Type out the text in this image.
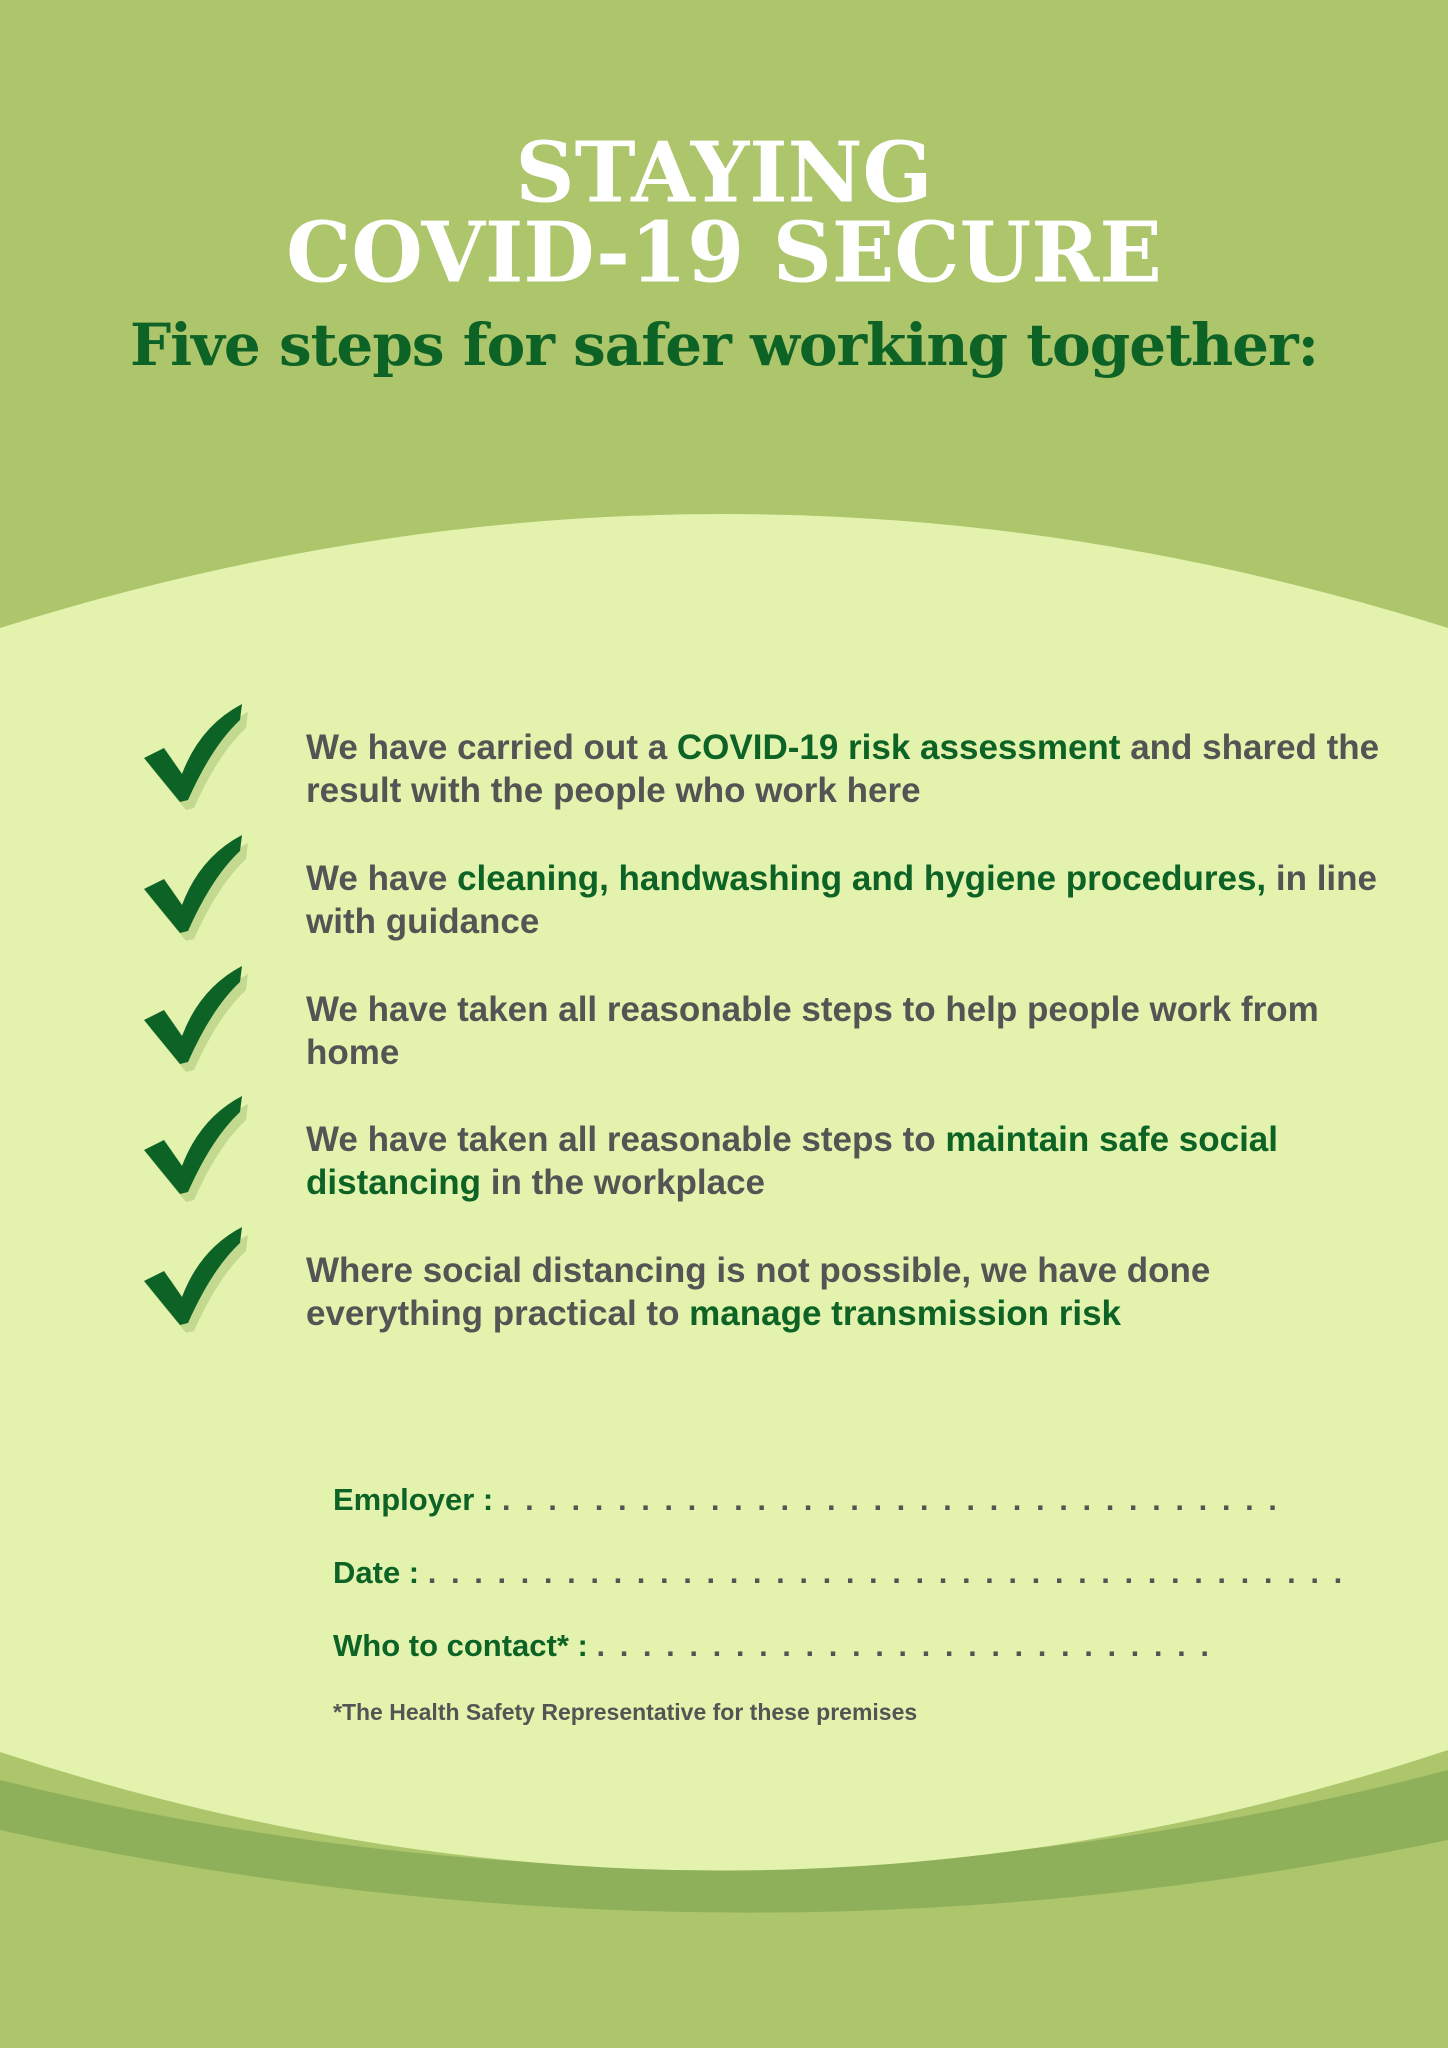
STAYING
COVID-19 SECURE
Five steps for safer working together:
We have carried out a COVID-19 risk assessment and shared the result with the people who work here
We have cleaning, handwashing and hygiene procedures, in line with guidance
We have taken all reasonable steps to help people work from home
We have taken all reasonable steps to maintain safe social distancing in the workplace
Where social distancing is not possible, we have done everything practical to manage transmission risk
Employer : . . . . . . . . . . . . . . . . . . . . . . . . . . . . . . . . . .
Date : . . . . . . . . . . . . . . . . . . . . . . . . . . . . . . . . . . . . . . . .
Who to contact* : . . . . . . . . . . . . . . . . . . . . . . . . . . .
*The Health Safety Representative for these premises
